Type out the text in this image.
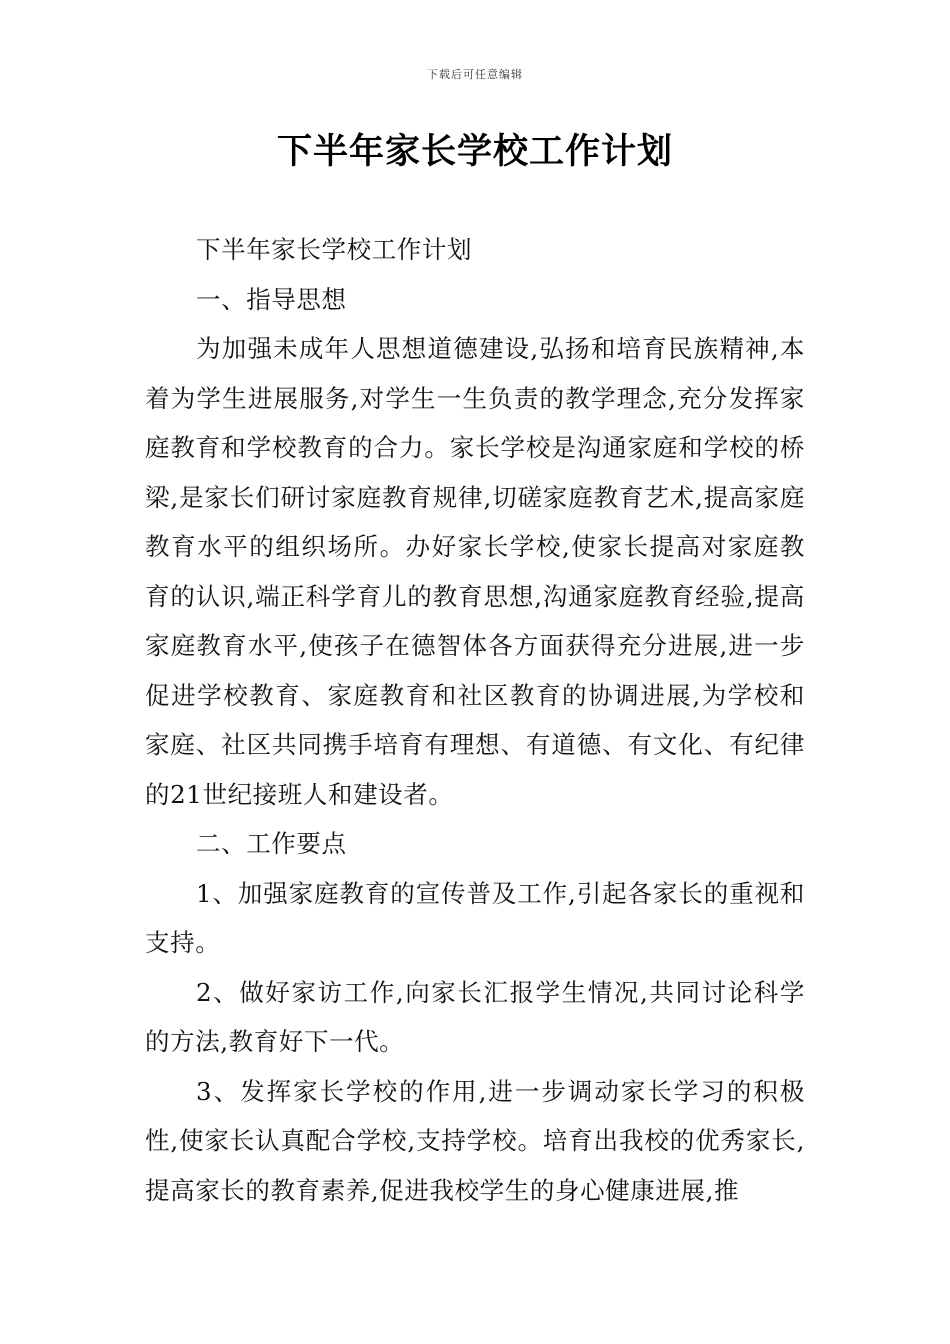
下载后可任意编辑
下半年家长学校工作计划

下半年家长学校工作计划

一、指导思想

为加强未成年人思想道德建设,弘扬和培育民族精神,本着为学生进展服务,对学生一生负责的教学理念,充分发挥家庭教育和学校教育的合力。家长学校是沟通家庭和学校的桥梁,是家长们研讨家庭教育规律,切磋家庭教育艺术,提高家庭教育水平的组织场所。办好家长学校,使家长提高对家庭教育的认识,端正科学育儿的教育思想,沟通家庭教育经验,提高家庭教育水平,使孩子在德智体各方面获得充分进展,进一步促进学校教育、家庭教育和社区教育的协调进展,为学校和家庭、社区共同携手培育有理想、有道德、有文化、有纪律的21世纪接班人和建设者。

二、工作要点

1、加强家庭教育的宣传普及工作,引起各家长的重视和支持。

2、做好家访工作,向家长汇报学生情况,共同讨论科学的方法,教育好下一代。

3、发挥家长学校的作用,进一步调动家长学习的积极性,使家长认真配合学校,支持学校。培育出我校的优秀家长,提高家长的教育素养,促进我校学生的身心健康进展,推
